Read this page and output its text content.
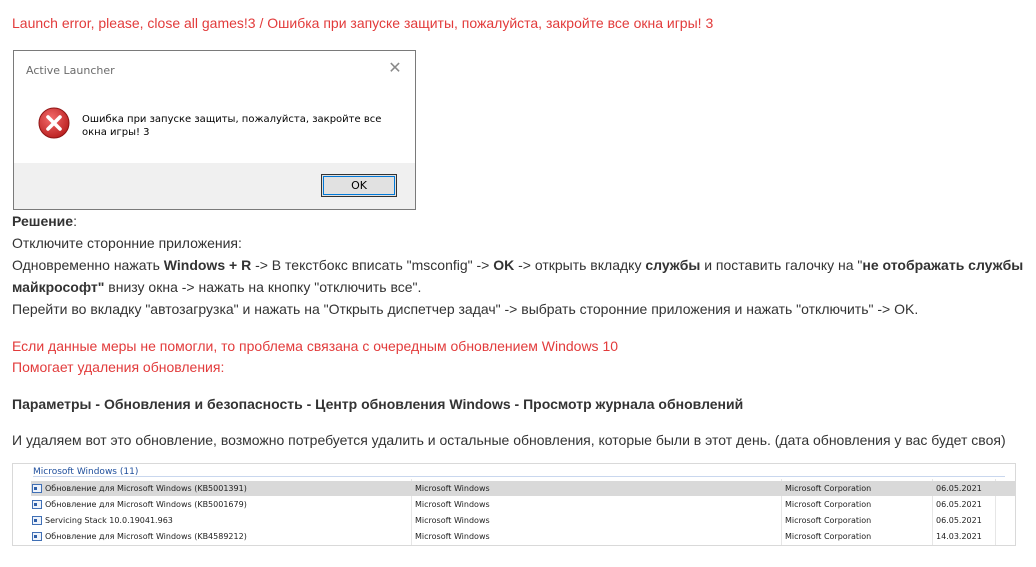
Launch error, please, close all games!3 / Ошибка при запуске защиты, пожалуйста, закройте все окна игры! 3
Active Launcher	✕
Ошибка при запуске защиты, пожалуйста, закройте все окна игры! 3
OK
Решение:
Отключите сторонние приложения:
Одновременно нажать Windows + R -> В текстбокс вписать "msconfig" -> OK -> открыть вкладку службы и поставить галочку на "не отображать службы
майкрософт" внизу окна -> нажать на кнопку "отключить все".
Перейти во вкладку "автозагрузка" и нажать на "Открыть диспетчер задач" -> выбрать сторонние приложения и нажать "отключить" -> OK.
Если данные меры не помогли, то проблема связана с очередным обновлением Windows 10
Помогает удаления обновления:
Параметры - Обновления и безопасность - Центр обновления Windows - Просмотр журнала обновлений
И удаляем вот это обновление, возможно потребуется удалить и остальные обновления, которые были в этот день. (дата обновления у вас будет своя)
Microsoft Windows (11)
Обновление для Microsoft Windows (KB5001391)	Microsoft Windows	Microsoft Corporation	06.05.2021
Обновление для Microsoft Windows (KB5001679)	Microsoft Windows	Microsoft Corporation	06.05.2021
Servicing Stack 10.0.19041.963	Microsoft Windows	Microsoft Corporation	06.05.2021
Обновление для Microsoft Windows (KB4589212)	Microsoft Windows	Microsoft Corporation	14.03.2021
